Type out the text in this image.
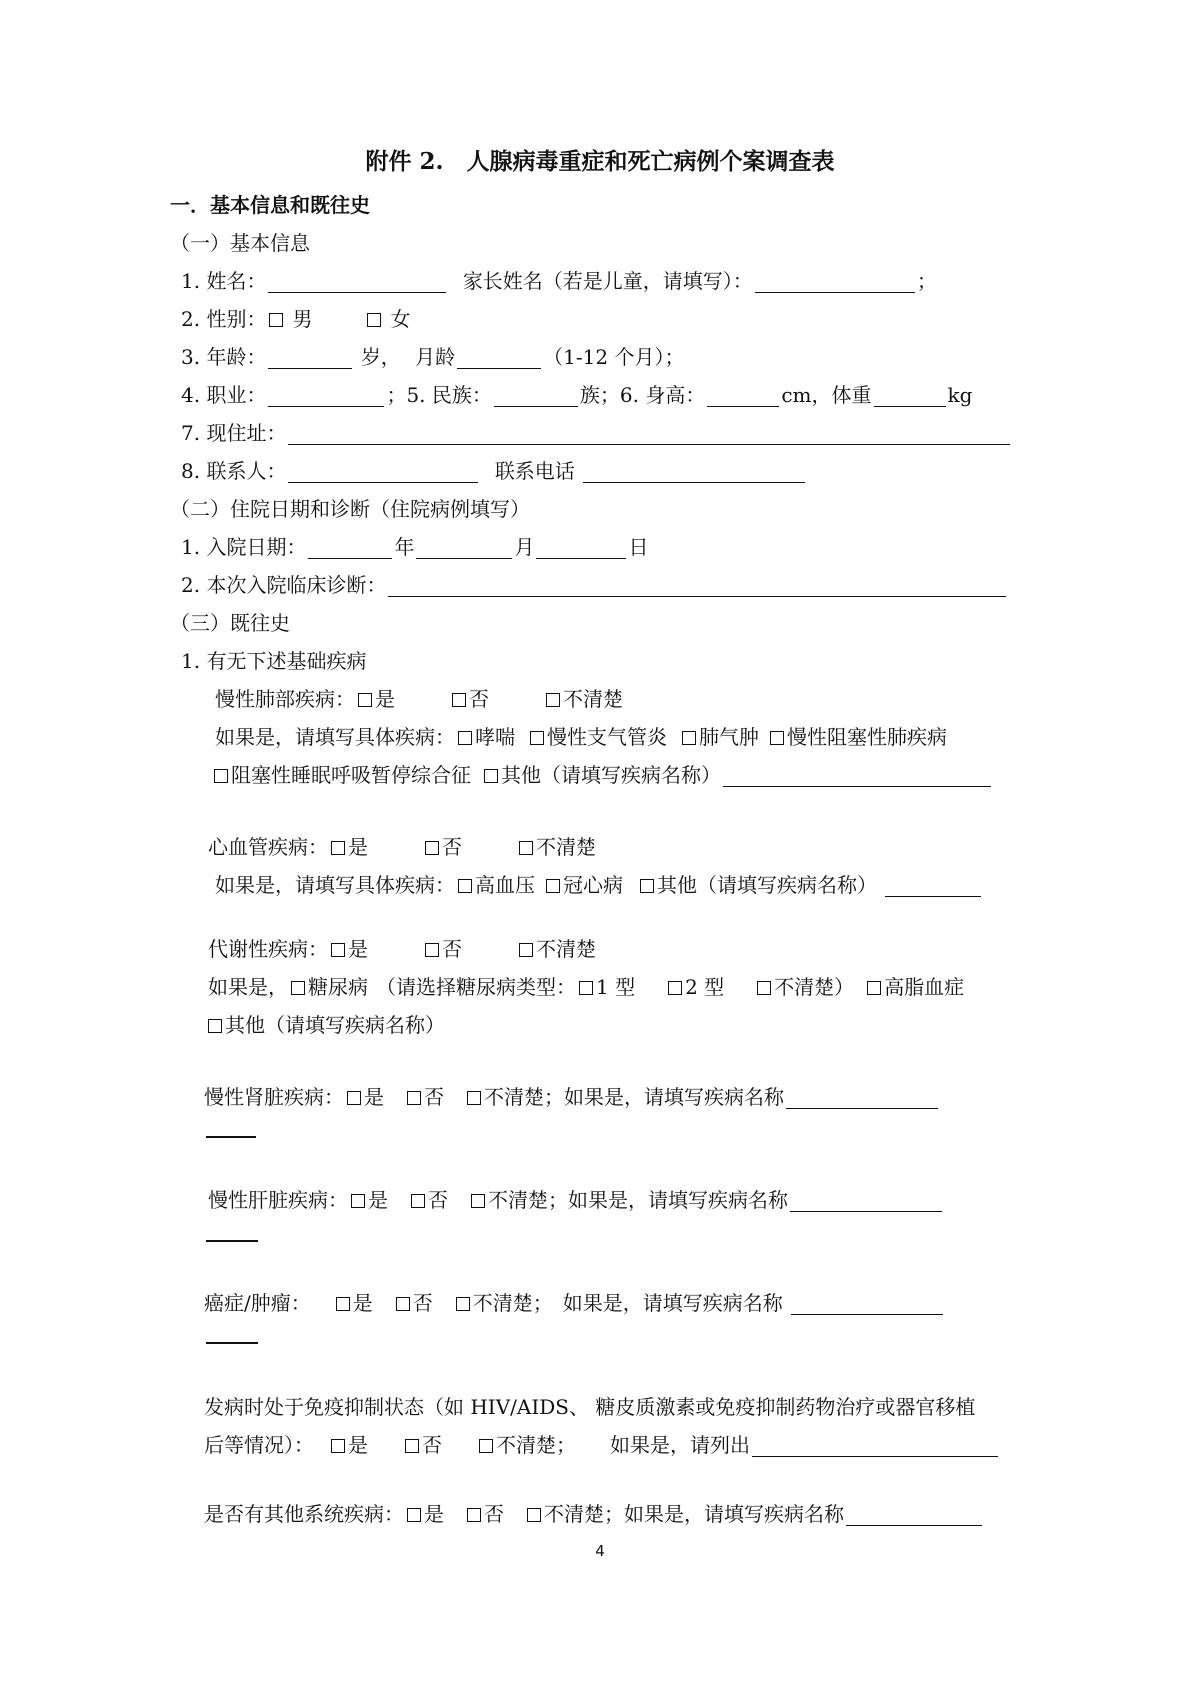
附件 2.　人腺病毒重症和死亡病例个案调查表
一．基本信息和既往史
（一）基本信息
1. 姓名：	家长姓名（若是儿童，请填写）：	；
2. 性别： 男	女
3. 年龄：	岁， 月龄	（1-12 个月）；
4. 职业：	；5. 民族：	族；6. 身高：	cm，体重	kg
7. 现住址：
8. 联系人：	联系电话
（二）住院日期和诊断（住院病例填写）
1. 入院日期：	年	月	日
2. 本次入院临床诊断：
（三）既往史
1. 有无下述基础疾病
慢性肺部疾病： 是	否	不清楚
如果是，请填写具体疾病： 哮喘 慢性支气管炎 肺气肿 慢性阻塞性肺疾病
阻塞性睡眠呼吸暂停综合征 其他（请填写疾病名称）
心血管疾病： 是	否	不清楚
如果是，请填写具体疾病： 高血压 冠心病 其他（请填写疾病名称）
代谢性疾病： 是	否	不清楚
如果是， 糖尿病 （请选择糖尿病类型： 1 型	2 型	不清楚） 高脂血症
其他（请填写疾病名称）
慢性肾脏疾病： 是 否 不清楚；如果是，请填写疾病名称
慢性肝脏疾病： 是 否 不清楚；如果是，请填写疾病名称
癌症/肿瘤： 是 否 不清楚； 如果是，请填写疾病名称
发病时处于免疫抑制状态（如 HIV/AIDS、 糖皮质激素或免疫抑制药物治疗或器官移植
后等情况）： 是	否	不清楚； 如果是，请列出
是否有其他系统疾病： 是 否 不清楚；如果是，请填写疾病名称
4
